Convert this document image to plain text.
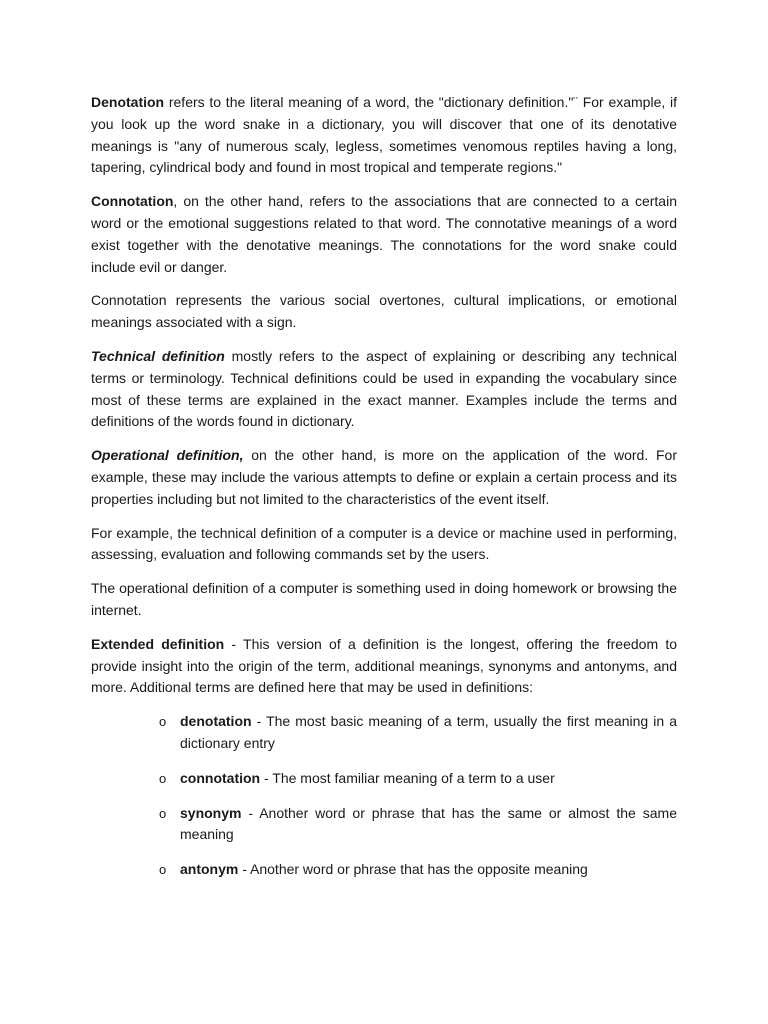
Denotation refers to the literal meaning of a word, the "dictionary definition."¨ For example, if you look up the word snake in a dictionary, you will discover that one of its denotative meanings is "any of numerous scaly, legless, sometimes venomous reptiles having a long, tapering, cylindrical body and found in most tropical and temperate regions."

Connotation, on the other hand, refers to the associations that are connected to a certain word or the emotional suggestions related to that word. The connotative meanings of a word exist together with the denotative meanings. The connotations for the word snake could include evil or danger.

Connotation represents the various social overtones, cultural implications, or emotional meanings associated with a sign.

Technical definition mostly refers to the aspect of explaining or describing any technical terms or terminology. Technical definitions could be used in expanding the vocabulary since most of these terms are explained in the exact manner. Examples include the terms and definitions of the words found in dictionary.

Operational definition, on the other hand, is more on the application of the word. For example, these may include the various attempts to define or explain a certain process and its properties including but not limited to the characteristics of the event itself.

For example, the technical definition of a computer is a device or machine used in performing, assessing, evaluation and following commands set by the users.

The operational definition of a computer is something used in doing homework or browsing the internet.

Extended definition - This version of a definition is the longest, offering the freedom to provide insight into the origin of the term, additional meanings, synonyms and antonyms, and more. Additional terms are defined here that may be used in definitions:

o denotation - The most basic meaning of a term, usually the first meaning in a dictionary entry
o connotation - The most familiar meaning of a term to a user
o synonym - Another word or phrase that has the same or almost the same meaning
o antonym - Another word or phrase that has the opposite meaning
